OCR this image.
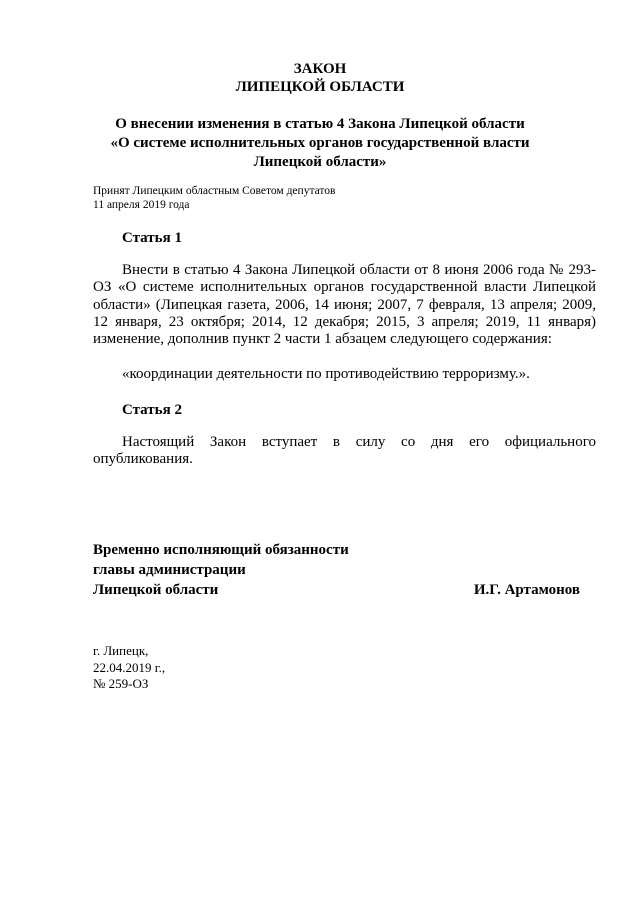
ЗАКОН
ЛИПЕЦКОЙ ОБЛАСТИ
О внесении изменения в статью 4 Закона Липецкой области
«О системе исполнительных органов государственной власти
Липецкой области»
Принят Липецким областным Советом депутатов
11 апреля 2019 года
Статья 1
Внести в статью 4 Закона Липецкой области от 8 июня 2006 года № 293-ОЗ «О системе исполнительных органов государственной власти Липецкой области» (Липецкая газета, 2006, 14 июня; 2007, 7 февраля, 13 апреля; 2009, 12 января, 23 октября; 2014, 12 декабря; 2015, 3 апреля; 2019, 11 января) изменение, дополнив пункт 2 части 1 абзацем следующего содержания:
«координации деятельности по противодействию терроризму.».
Статья 2
Настоящий Закон вступает в силу со дня его официального опубликования.
Временно исполняющий обязанности
главы администрации
Липецкой области	И.Г. Артамонов
г. Липецк,
22.04.2019 г.,
№ 259-ОЗ
